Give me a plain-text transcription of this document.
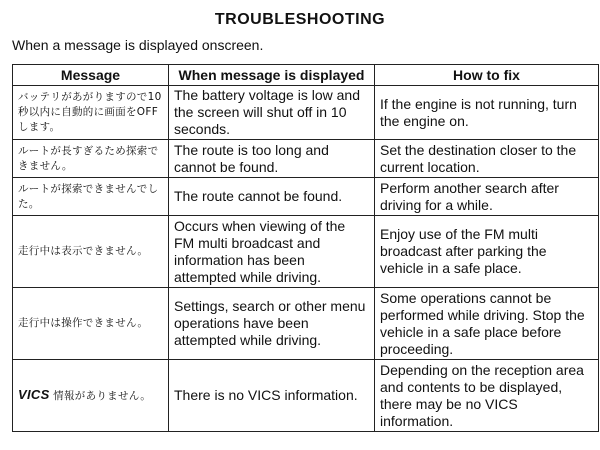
TROUBLESHOOTING
When a message is displayed onscreen.
Message	When message is displayed	How to fix
バッテリがあがりますので10秒以内に自動的に画面をOFFします。	The battery voltage is low and the screen will shut off in 10 seconds.	If the engine is not running, turn the engine on.
ルートが長すぎるため探索できません。	The route is too long and cannot be found.	Set the destination closer to the current location.
ルートが探索できませんでした。	The route cannot be found.	Perform another search after driving for a while.
走行中は表示できません。	Occurs when viewing of the FM multi broadcast and information has been attempted while driving.	Enjoy use of the FM multi broadcast after parking the vehicle in a safe place.
走行中は操作できません。	Settings, search or other menu operations have been attempted while driving.	Some operations cannot be performed while driving. Stop the vehicle in a safe place before proceeding.
VICS 情報がありません。	There is no VICS information.	Depending on the reception area and contents to be displayed, there may be no VICS information.
